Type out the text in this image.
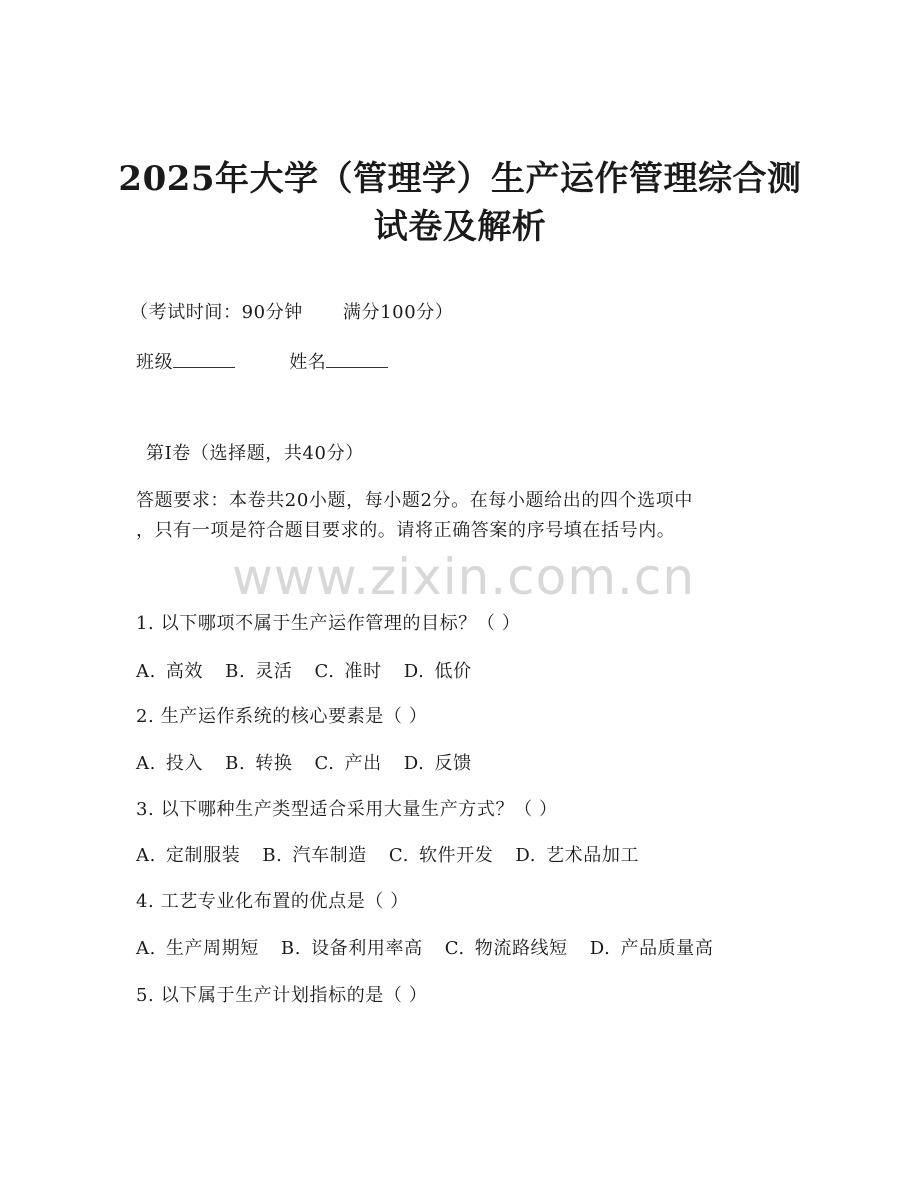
2025年大学（管理学）生产运作管理综合测
试卷及解析
（考试时间：90分钟 满分100分）
班级	姓名
第I卷（选择题，共40分）
答题要求：本卷共20小题，每小题2分。在每小题给出的四个选项中
，只有一项是符合题目要求的。请将正确答案的序号填在括号内。
www.zixin.com.cn
1. 以下哪项不属于生产运作管理的目标？（ ）
A. 高效 B. 灵活 C. 准时 D. 低价
2. 生产运作系统的核心要素是（ ）
A. 投入 B. 转换 C. 产出 D. 反馈
3. 以下哪种生产类型适合采用大量生产方式？（ ）
A. 定制服装 B. 汽车制造 C. 软件开发 D. 艺术品加工
4. 工艺专业化布置的优点是（ ）
A. 生产周期短 B. 设备利用率高 C. 物流路线短 D. 产品质量高
5. 以下属于生产计划指标的是（ ）
